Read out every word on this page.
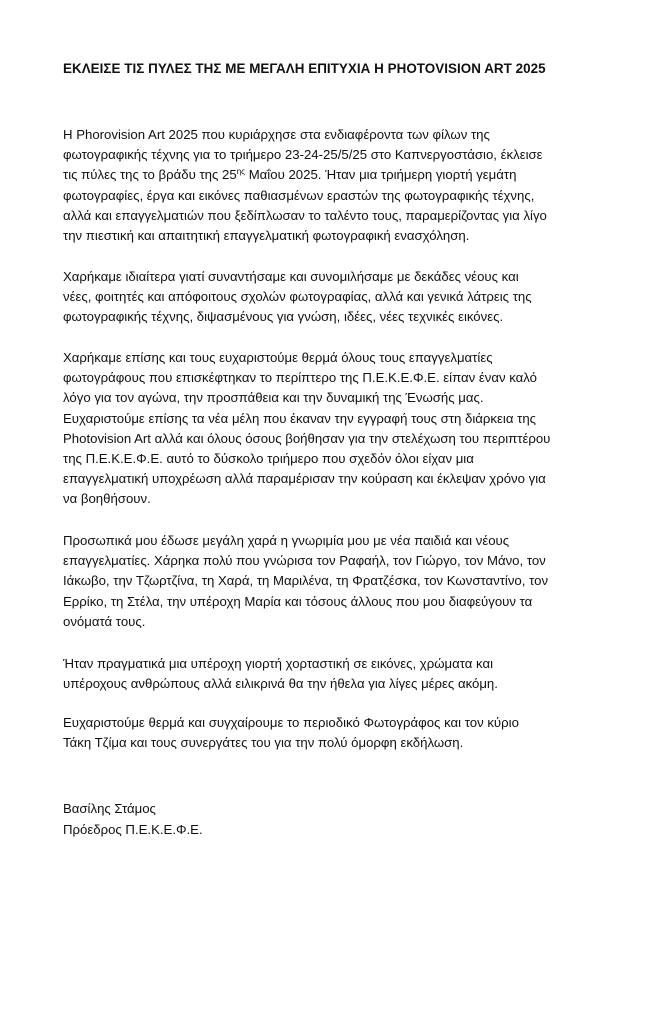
ΕΚΛΕΙΣΕ ΤΙΣ ΠΥΛΕΣ ΤΗΣ ΜΕ ΜΕΓΑΛΗ ΕΠΙΤΥΧΙΑ Η PHOTOVISION ART 2025
Η Phorovision Art 2025 που κυριάρχησε στα ενδιαφέροντα των φίλων της
φωτογραφικής τέχνης για το τριήμερο 23-24-25/5/25 στο Καπνεργοστάσιο, έκλεισε
τις πύλες της το βράδυ της $25^{\eta\varsigma}$ Μαΐου 2025. Ήταν μια τριήμερη γιορτή γεμάτη
φωτογραφίες, έργα και εικόνες παθιασμένων εραστών της φωτογραφικής τέχνης,
αλλά και επαγγελματιών που ξεδίπλωσαν το ταλέντο τους, παραμερίζοντας για λίγο
την πιεστική και απαιτητική επαγγελματική φωτογραφική ενασχόληση.
Χαρήκαμε ιδιαίτερα γιατί συναντήσαμε και συνομιλήσαμε με δεκάδες νέους και
νέες, φοιτητές και απόφοιτους σχολών φωτογραφίας, αλλά και γενικά λάτρεις της
φωτογραφικής τέχνης, διψασμένους για γνώση, ιδέες, νέες τεχνικές εικόνες.
Χαρήκαμε επίσης και τους ευχαριστούμε θερμά όλους τους επαγγελματίες
φωτογράφους που επισκέφτηκαν το περίπτερο της Π.Ε.Κ.Ε.Φ.Ε. είπαν έναν καλό
λόγο για τον αγώνα, την προσπάθεια και την δυναμική της Ένωσής μας.
Ευχαριστούμε επίσης τα νέα μέλη που έκαναν την εγγραφή τους στη διάρκεια της
Photovision Art αλλά και όλους όσους βοήθησαν για την στελέχωση του περιπτέρου
της Π.Ε.Κ.Ε.Φ.Ε. αυτό το δύσκολο τριήμερο που σχεδόν όλοι είχαν μια
επαγγελματική υποχρέωση αλλά παραμέρισαν την κούραση και έκλεψαν χρόνο για
να βοηθήσουν.
Προσωπικά μου έδωσε μεγάλη χαρά η γνωριμία μου με νέα παιδιά και νέους
επαγγελματίες. Χάρηκα πολύ που γνώρισα τον Ραφαήλ, τον Γιώργο, τον Μάνο, τον
Ιάκωβο, την Τζωρτζίνα, τη Χαρά, τη Μαριλένα, τη Φρατζέσκα, τον Κωνσταντίνο, τον
Ερρίκο, τη Στέλα, την υπέροχη Μαρία και τόσους άλλους που μου διαφεύγουν τα
ονόματά τους.
Ήταν πραγματικά μια υπέροχη γιορτή χορταστική σε εικόνες, χρώματα και
υπέροχους ανθρώπους αλλά ειλικρινά θα την ήθελα για λίγες μέρες ακόμη.
Ευχαριστούμε θερμά και συγχαίρουμε το περιοδικό Φωτογράφος και τον κύριο
Τάκη Τζίμα και τους συνεργάτες του για την πολύ όμορφη εκδήλωση.
Βασίλης Στάμος
Πρόεδρος Π.Ε.Κ.Ε.Φ.Ε.
